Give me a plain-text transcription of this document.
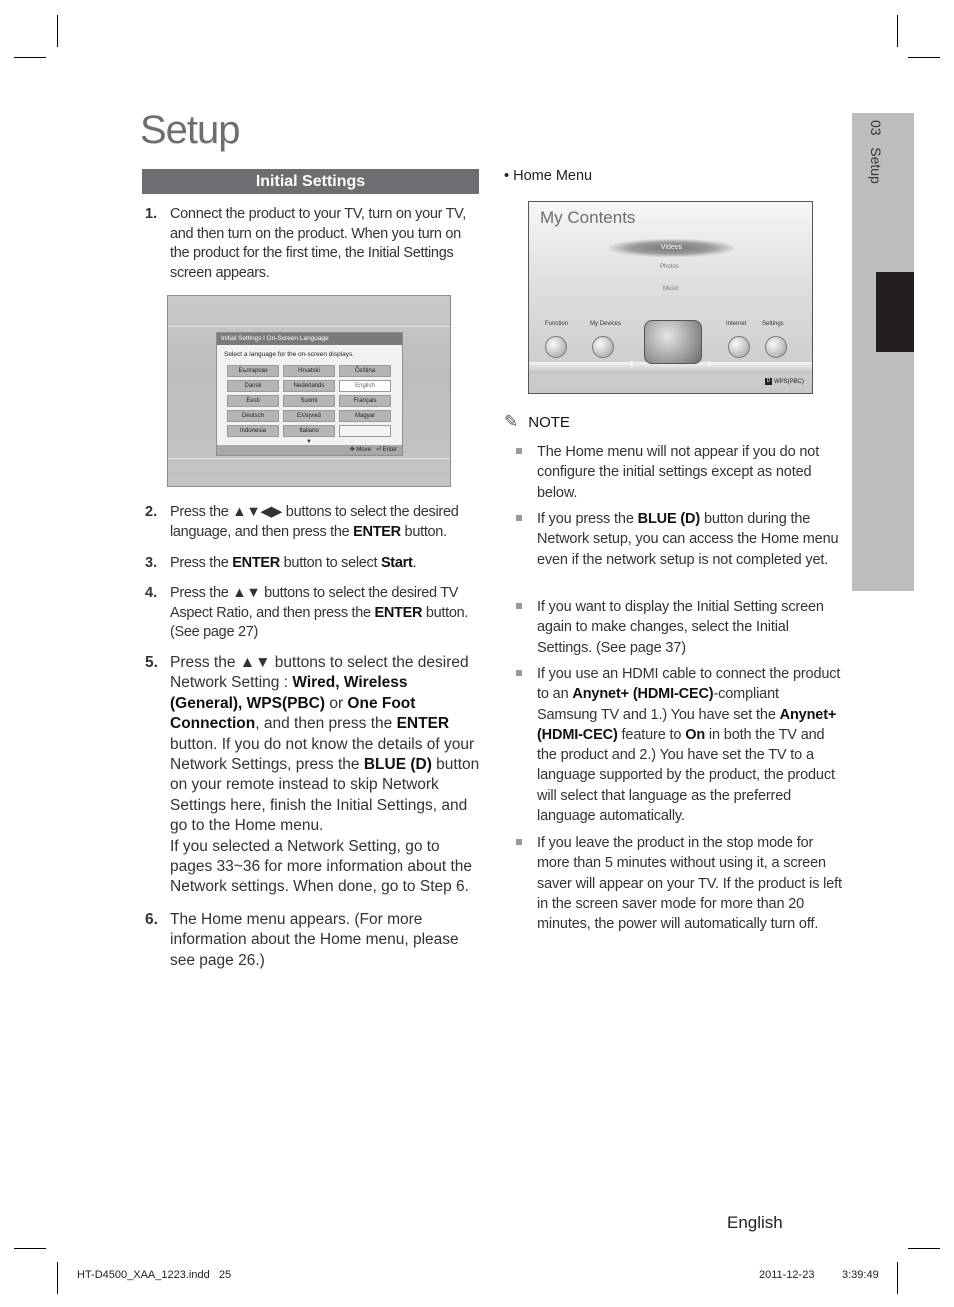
Setup	03   Setup
Initial Settings
1. Connect the product to your TV, turn on your TV, and then turn on the product. When you turn on the product for the first time, the Initial Settings screen appears.
Initial Settings l On-Screen Language
Select a language for the on-screen displays.
Български	Hrvatski	Čeština
Dansk	Nederlands	English
Eesti	Suomi	Français
Deutsch	Ελληνικά	Magyar
Indonesia	Italiano
▼
✥ Move ⏎ Enter
2. Press the ▲▼◀▶ buttons to select the desired language, and then press the ENTER button.
3. Press the ENTER button to select Start.
4. Press the ▲▼ buttons to select the desired TV Aspect Ratio, and then press the ENTER button. (See page 27)
5. Press the ▲▼ buttons to select the desired Network Setting : Wired, Wireless (General), WPS(PBC) or One Foot Connection, and then press the ENTER button. If you do not know the details of your Network Settings, press the BLUE (D) button on your remote instead to skip Network Settings here, finish the Initial Settings, and go to the Home menu.
If you selected a Network Setting, go to pages 33~36 for more information about the Network settings. When done, go to Step 6.
6. The Home menu appears. (For more information about the Home menu, please see page 26.)
• Home Menu
My Contents
Videos
Photos
Music
Function	My Devices	Internet	Settings
‹	›
D WPS(PBC)
✎ NOTE
The Home menu will not appear if you do not configure the initial settings except as noted below.
If you press the BLUE (D) button during the Network setup, you can access the Home menu even if the network setup is not completed yet.
If you want to display the Initial Setting screen again to make changes, select the Initial Settings. (See page 37)
If you use an HDMI cable to connect the product to an Anynet+ (HDMI-CEC)-compliant Samsung TV and 1.) You have set the Anynet+ (HDMI-CEC) feature to On in both the TV and the product and 2.) You have set the TV to a language supported by the product, the product will select that language as the preferred language automatically.
If you leave the product in the stop mode for more than 5 minutes without using it, a screen saver will appear on your TV. If the product is left in the screen saver mode for more than 20 minutes, the power will automatically turn off.
English
HT-D4500_XAA_1223.indd   25	2011-12-23	3:39:49
